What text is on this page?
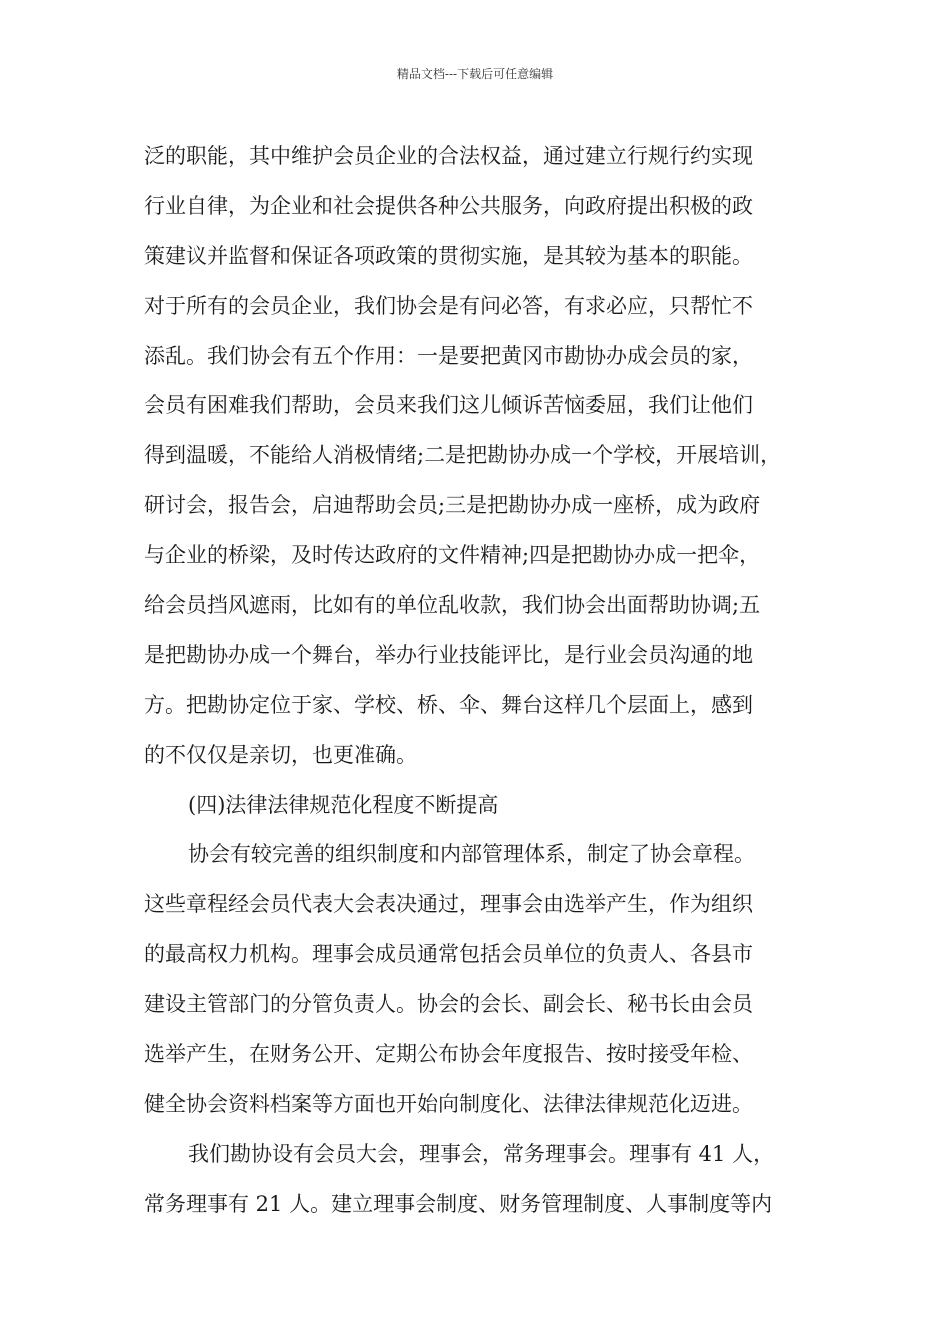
精品文档---下载后可任意编辑
泛的职能，其中维护会员企业的合法权益，通过建立行规行约实现
行业自律，为企业和社会提供各种公共服务，向政府提出积极的政
策建议并监督和保证各项政策的贯彻实施，是其较为基本的职能。
对于所有的会员企业，我们协会是有问必答，有求必应，只帮忙不
添乱。我们协会有五个作用：一是要把黄冈市勘协办成会员的家，
会员有困难我们帮助，会员来我们这儿倾诉苦恼委屈，我们让他们
得到温暖，不能给人消极情绪;二是把勘协办成一个学校，开展培训，
研讨会，报告会，启迪帮助会员;三是把勘协办成一座桥，成为政府
与企业的桥梁，及时传达政府的文件精神;四是把勘协办成一把伞，
给会员挡风遮雨，比如有的单位乱收款，我们协会出面帮助协调;五
是把勘协办成一个舞台，举办行业技能评比，是行业会员沟通的地
方。把勘协定位于家、学校、桥、伞、舞台这样几个层面上，感到
的不仅仅是亲切，也更准确。
(四)法律法律规范化程度不断提高
协会有较完善的组织制度和内部管理体系，制定了协会章程。
这些章程经会员代表大会表决通过，理事会由选举产生，作为组织
的最高权力机构。理事会成员通常包括会员单位的负责人、各县市
建设主管部门的分管负责人。协会的会长、副会长、秘书长由会员
选举产生，在财务公开、定期公布协会年度报告、按时接受年检、
健全协会资料档案等方面也开始向制度化、法律法律规范化迈进。
我们勘协设有会员大会，理事会，常务理事会。理事有 41 人，
常务理事有 21 人。建立理事会制度、财务管理制度、人事制度等内
